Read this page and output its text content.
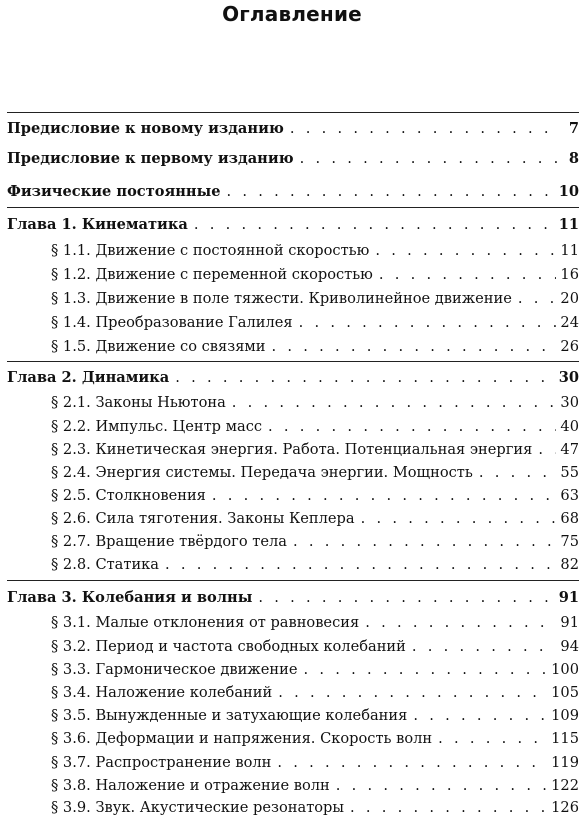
Оглавление
Предисловие к новому изданию . . .	7
Предисловие к первому изданию . . .	8
Физические постоянные . . .	10
Глава 1. Кинематика . . .	11
§ 1.1. Движение с постоянной скоростью . . .	11
§ 1.2. Движение с переменной скоростью . . .	16
§ 1.3. Движение в поле тяжести. Криволинейное движение . . .	20
§ 1.4. Преобразование Галилея . . .	24
§ 1.5. Движение со связями . . .	26
Глава 2. Динамика . . .	30
§ 2.1. Законы Ньютона . . .	30
§ 2.2. Импульс. Центр масс . . .	40
§ 2.3. Кинетическая энергия. Работа. Потенциальная энергия . . . 47
§ 2.4. Энергия системы. Передача энергии. Мощность . . .	55
§ 2.5. Столкновения . . .	63
§ 2.6. Сила тяготения. Законы Кеплера . . .	68
§ 2.7. Вращение твёрдого тела . . .	75
§ 2.8. Статика . . .	82
Глава 3. Колебания и волны . . .	91
§ 3.1. Малые отклонения от равновесия . . .	91
§ 3.2. Период и частота свободных колебаний . . .	94
§ 3.3. Гармоническое движение . . .	100
§ 3.4. Наложение колебаний . . .	105
§ 3.5. Вынужденные и затухающие колебания . . .	109
§ 3.6. Деформации и напряжения. Скорость волн . . .	115
§ 3.7. Распространение волн . . .	119
§ 3.8. Наложение и отражение волн . . .	122
§ 3.9. Звук. Акустические резонаторы . . .	126
